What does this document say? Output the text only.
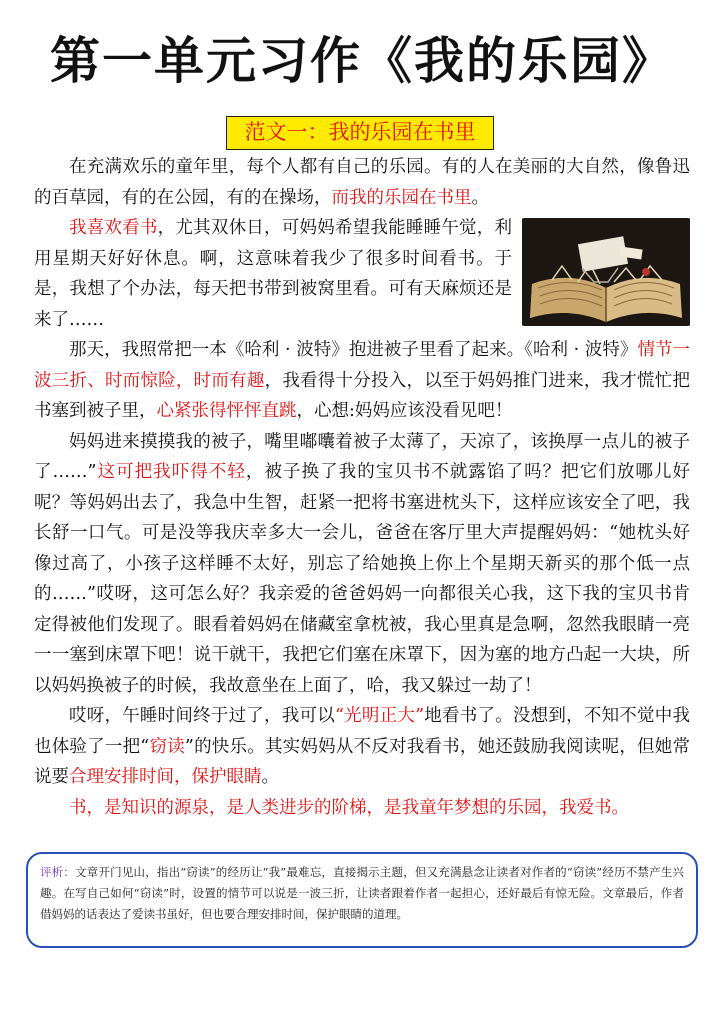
第一单元习作《我的乐园》
范文一：我的乐园在书里

在充满欢乐的童年里，每个人都有自己的乐园。有的人在美丽的大自然，像鲁迅的百草园，有的在公园，有的在操场，而我的乐园在书里。

我喜欢看书，尤其双休日，可妈妈希望我能睡睡午觉，利用星期天好好休息。啊，这意味着我少了很多时间看书。于是，我想了个办法，每天把书带到被窝里看。可有天麻烦还是来了……

那天，我照常把一本《哈利 · 波特》抱进被子里看了起来。《哈利 · 波特》情节一波三折、时而惊险，时而有趣，我看得十分投入，以至于妈妈推门进来，我才慌忙把书塞到被子里，心紧张得怦怦直跳，心想:妈妈应该没看见吧！

妈妈进来摸摸我的被子，嘴里嘟囔着被子太薄了，天凉了，该换厚一点儿的被子了……”这可把我吓得不轻，被子换了我的宝贝书不就露馅了吗？把它们放哪儿好呢？等妈妈出去了，我急中生智，赶紧一把将书塞进枕头下，这样应该安全了吧，我长舒一口气。可是没等我庆幸多大一会儿，爸爸在客厅里大声提醒妈妈：“她枕头好像过高了，小孩子这样睡不太好，别忘了给她换上你上个星期天新买的那个低一点的……”哎呀，这可怎么好？我亲爱的爸爸妈妈一向都很关心我，这下我的宝贝书肯定得被他们发现了。眼看着妈妈在储藏室拿枕被，我心里真是急啊，忽然我眼睛一亮一一塞到床罩下吧！说干就干，我把它们塞在床罩下，因为塞的地方凸起一大块，所以妈妈换被子的时候，我故意坐在上面了，哈，我又躲过一劫了！

哎呀，午睡时间终于过了，我可以“光明正大”地看书了。没想到，不知不觉中我也体验了一把“窃读”的快乐。其实妈妈从不反对我看书，她还鼓励我阅读呢，但她常说要合理安排时间，保护眼睛。

书，是知识的源泉，是人类进步的阶梯，是我童年梦想的乐园，我爱书。

评析：文章开门见山，指出“窃读”的经历让“我”最难忘，直接揭示主题，但又充满悬念让读者对作者的“窃读”经历不禁产生兴趣。在写自己如何“窃读”时，设置的情节可以说是一波三折，让读者跟着作者一起担心，还好最后有惊无险。文章最后，作者借妈妈的话表达了爱读书虽好，但也要合理安排时间，保护眼睛的道理。
